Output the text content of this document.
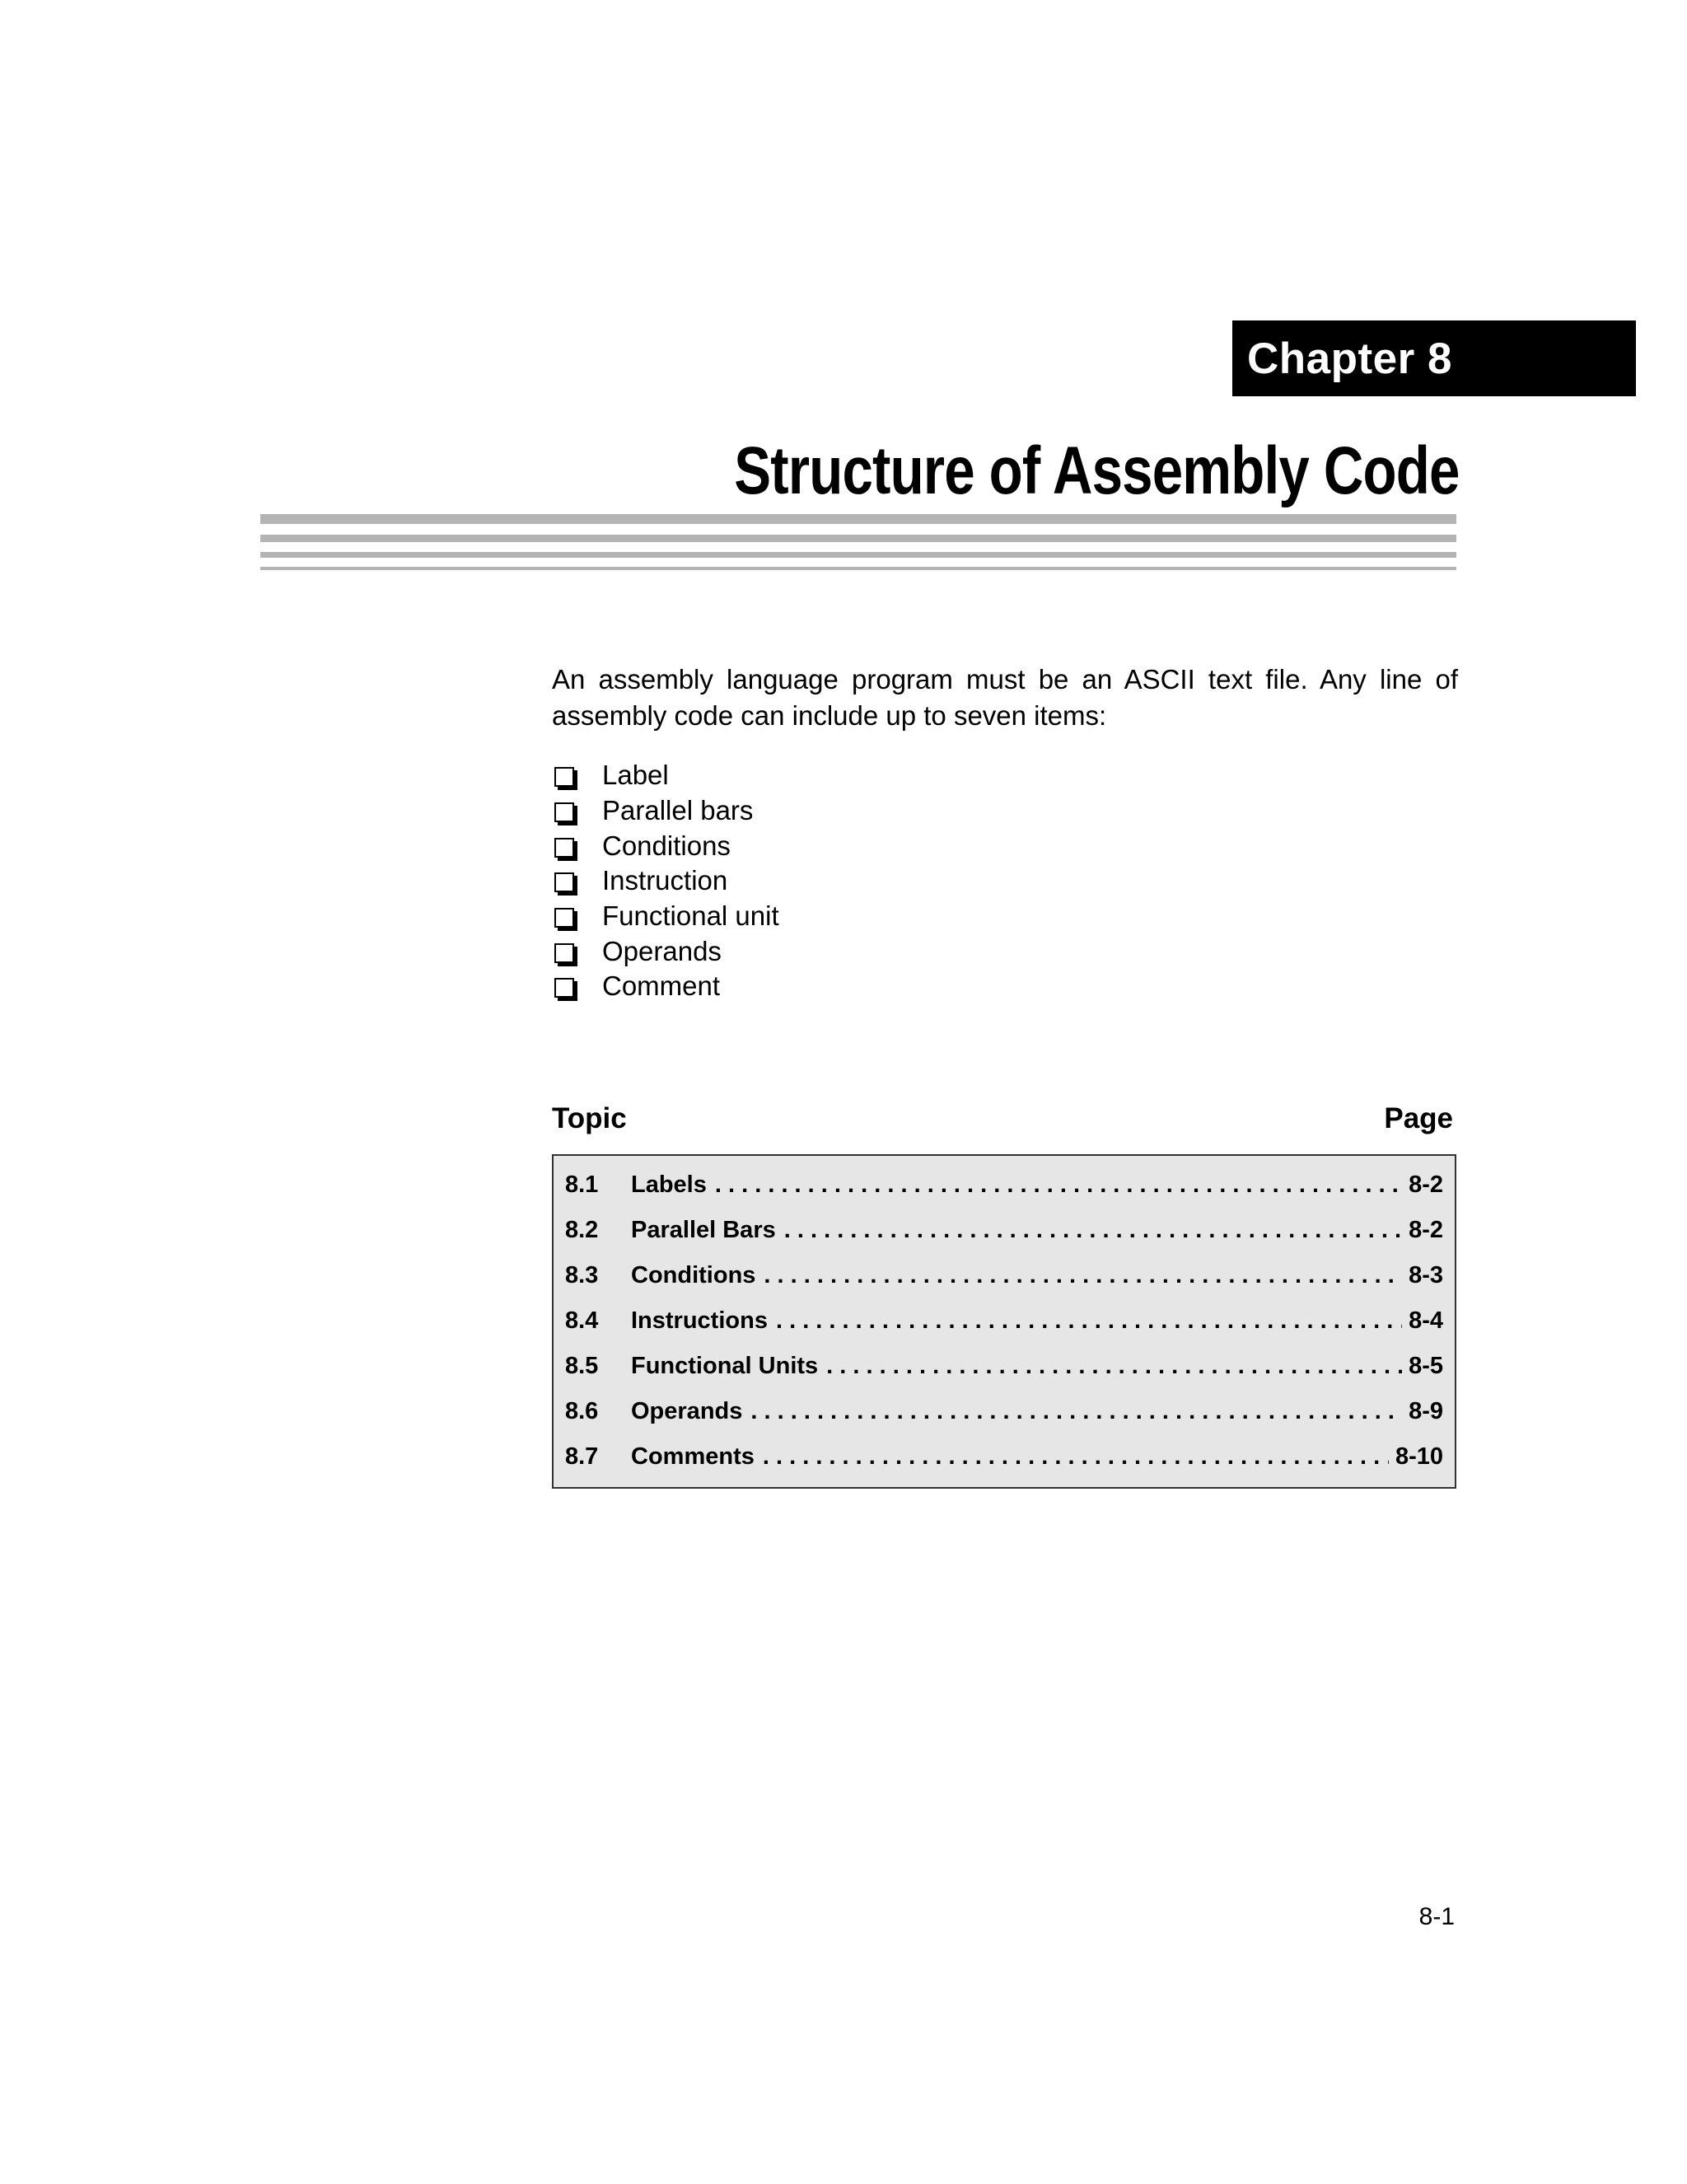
Chapter 8
Structure of Assembly Code
An assembly language program must be an ASCII text file. Any line of assembly code can include up to seven items:
Label
Parallel bars
Conditions
Instruction
Functional unit
Operands
Comment
Topic	Page
8.1	Labels . . .	8-2
8.2	Parallel Bars . . .	8-2
8.3	Conditions . . .	8-3
8.4	Instructions . . .	8-4
8.5	Functional Units . . .	8-5
8.6	Operands . . .	8-9
8.7	Comments . . .	8-10
8-1
